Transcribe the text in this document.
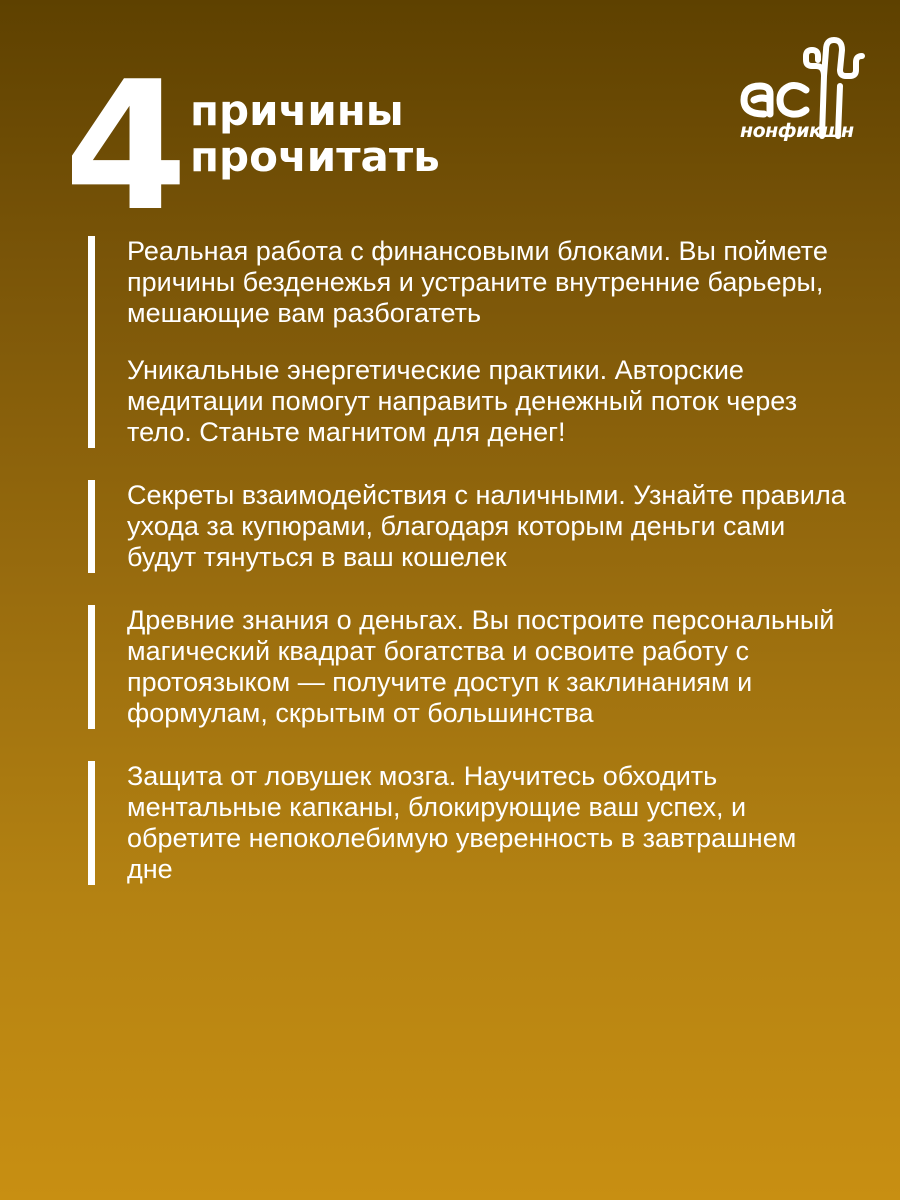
4 причины
прочитать
нонфикшн

Реальная работа с финансовыми блоками. Вы поймете причины безденежья и устраните внутренние барьеры, мешающие вам разбогатеть

Уникальные энергетические практики. Авторские медитации помогут направить денежный поток через тело. Станьте магнитом для денег!

Секреты взаимодействия с наличными. Узнайте правила ухода за купюрами, благодаря которым деньги сами будут тянуться в ваш кошелек

Древние знания о деньгах. Вы построите персональный магический квадрат богатства и освоите работу с протоязыком — получите доступ к заклинаниям и формулам, скрытым от большинства

Защита от ловушек мозга. Научитесь обходить ментальные капканы, блокирующие ваш успех, и обретите непоколебимую уверенность в завтрашнем дне
